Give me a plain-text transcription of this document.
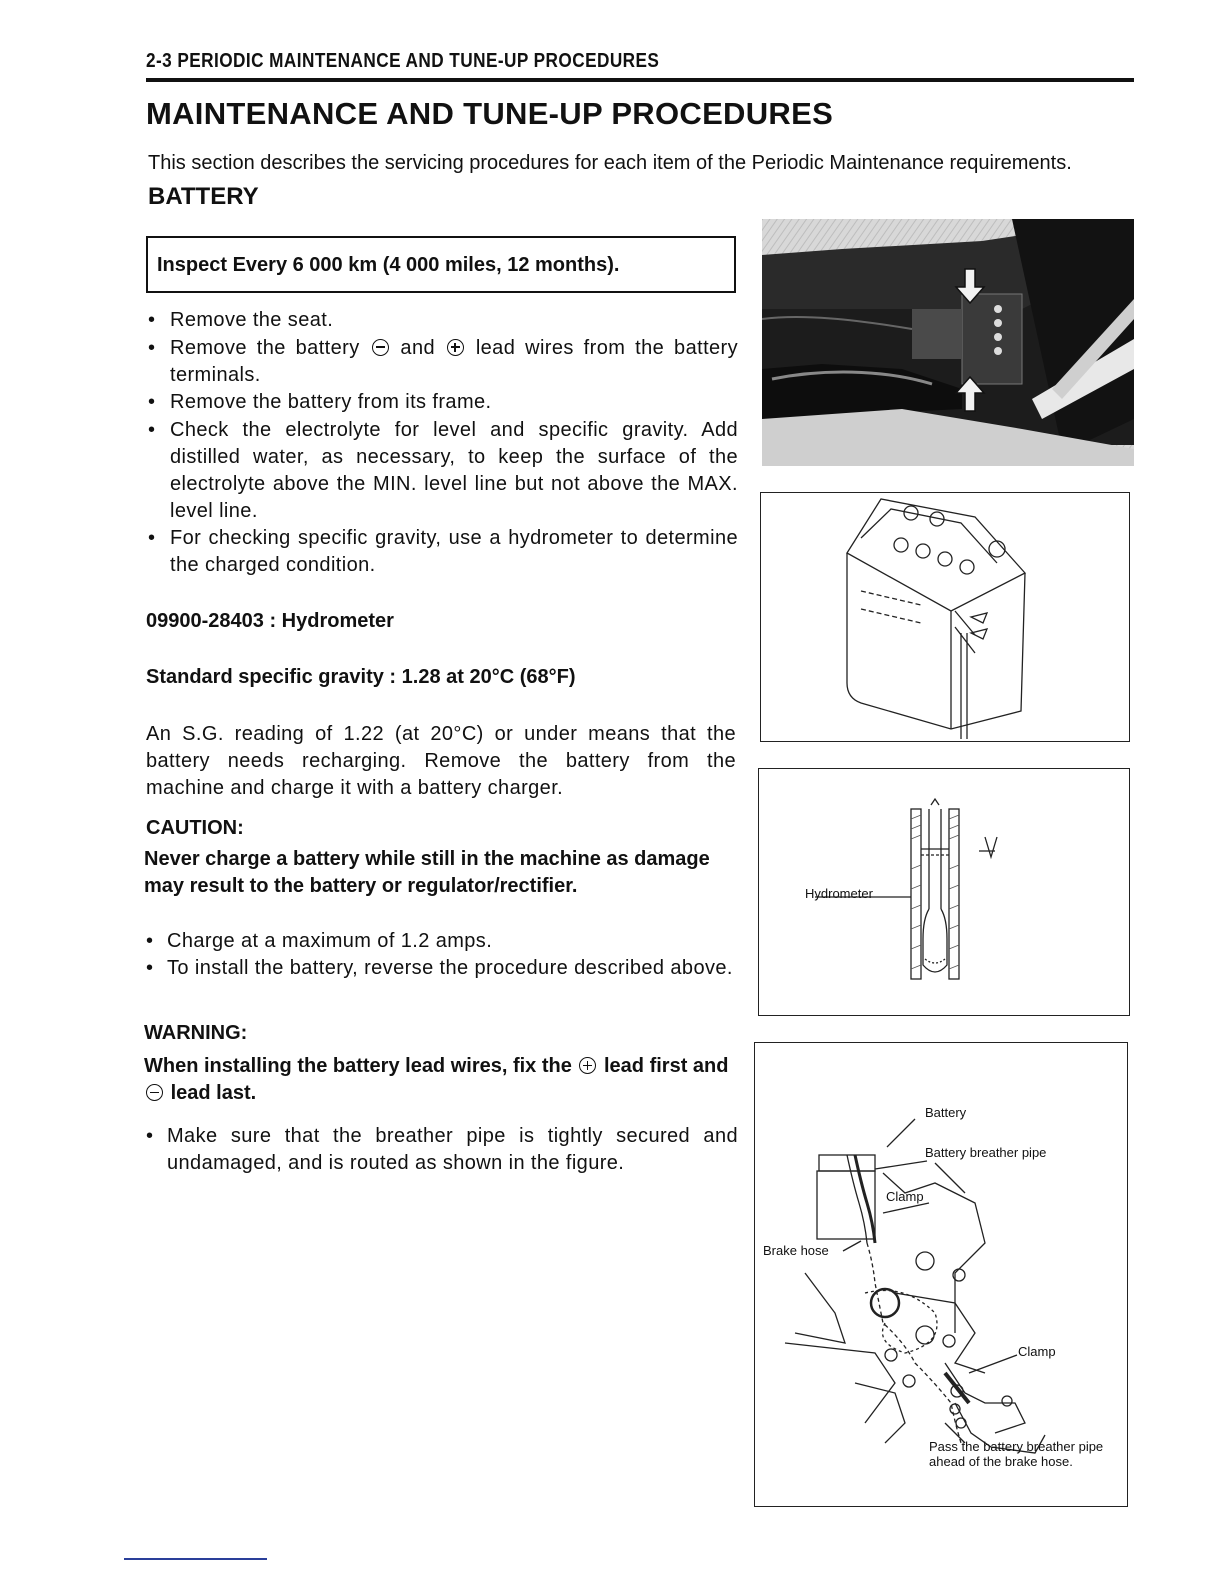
2-3 PERIODIC MAINTENANCE AND TUNE-UP PROCEDURES
MAINTENANCE AND TUNE-UP PROCEDURES
This section describes the servicing procedures for each item of the Periodic Maintenance requirements.
BATTERY
Inspect Every 6 000 km (4 000 miles, 12 months).
• Remove the seat.
• Remove the battery and lead wires from the battery terminals.
• Remove the battery from its frame.
• Check the electrolyte for level and specific gravity. Add distilled water, as necessary, to keep the surface of the electrolyte above the MIN. level line but not above the MAX. level line.
• For checking specific gravity, use a hydrometer to determine the charged condition.
09900-28403 : Hydrometer
Standard specific gravity : 1.28 at 20°C (68°F)
An S.G. reading of 1.22 (at 20°C) or under means that the battery needs recharging. Remove the battery from the machine and charge it with a battery charger.
CAUTION:
Never charge a battery while still in the machine as damage may result to the battery or regulator/rectifier.
• Charge at a maximum of 1.2 amps.
• To install the battery, reverse the procedure described above.
WARNING:
When installing the battery lead wires, fix the lead first and  lead last.
• Make sure that the breather pipe is tightly secured and undamaged, and is routed as shown in the figure.
Hydrometer
Battery
Battery breather pipe
Clamp
Brake hose
Clamp
Pass the battery breather pipe ahead of the brake hose.
